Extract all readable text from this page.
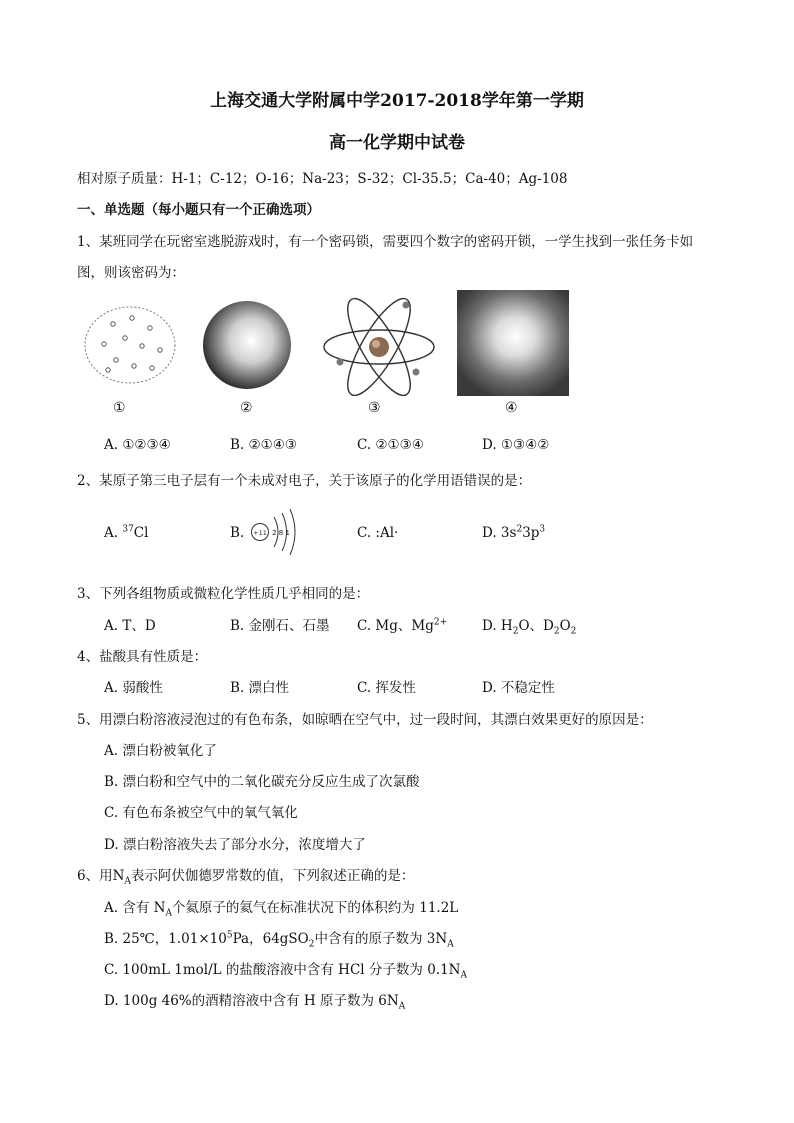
上海交通大学附属中学2017-2018学年第一学期
高一化学期中试卷
相对原子质量：H-1；C-12；O-16；Na-23；S-32；Cl-35.5；Ca-40；Ag-108
一、单选题（每小题只有一个正确选项）
1、某班同学在玩密室逃脱游戏时，有一个密码锁，需要四个数字的密码开锁，一学生找到一张任务卡如
图，则该密码为：
①	②	③	④
A. ①②③④	B. ②①④③	C. ②①③④	D. ①③④②
2、某原子第三电子层有一个未成对电子，关于该原子的化学用语错误的是：
A. $^{37}$Cl	B. +11 2 8 1	C. :Al·	D. $3s^23p^3$
3、下列各组物质或微粒化学性质几乎相同的是：
A. T、D	B. 金刚石、石墨 C. Mg、$Mg^{2+}$	D. $H_2O$、$D_2O_2$
4、盐酸具有性质是：
A. 弱酸性	B. 漂白性	C. 挥发性	D. 不稳定性
5、用漂白粉溶液浸泡过的有色布条，如晾晒在空气中，过一段时间，其漂白效果更好的原因是：
A. 漂白粉被氧化了
B. 漂白粉和空气中的二氧化碳充分反应生成了次氯酸
C. 有色布条被空气中的氧气氧化
D. 漂白粉溶液失去了部分水分，浓度增大了
6、用$N_A$表示阿伏伽德罗常数的值，下列叙述正确的是：
A. 含有 $N_A$个氦原子的氦气在标准状况下的体积约为 11.2L
B. 25℃，$1.01\times 10^5Pa$，64gSO$_2$中含有的原子数为 $3N_A$
C. 100mL 1mol/L 的盐酸溶液中含有 HCl 分子数为 $0.1N_A$
D. 100g 46%的酒精溶液中含有 H 原子数为 $6N_A$
